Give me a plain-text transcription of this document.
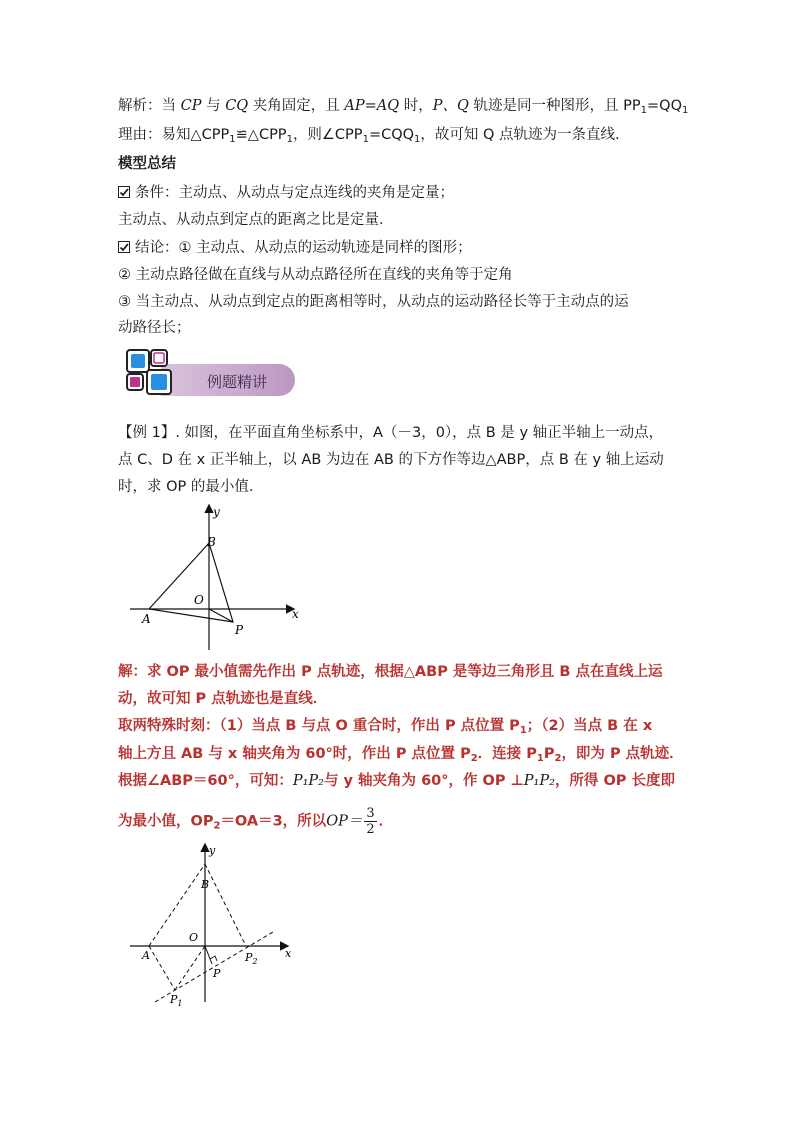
解析：当 CP 与 CQ 夹角固定，且 AP=AQ 时，P、Q 轨迹是同一种图形，且 $PP_1=QQ_1$
理由：易知$\triangle CPP_1≌\triangle CPP_1$，则$\angle CPP_1=CQQ_1$，故可知 Q 点轨迹为一条直线.
模型总结
条件：主动点、从动点与定点连线的夹角是定量；
主动点、从动点到定点的距离之比是定量．
结论：① 主动点、从动点的运动轨迹是同样的图形；
② 主动点路径做在直线与从动点路径所在直线的夹角等于定角
③ 当主动点、从动点到定点的距离相等时，从动点的运动路径长等于主动点的运
动路径长；
例题精讲
【例 1】. 如图，在平面直角坐标系中，A（－3，0），点 B 是 y 轴正半轴上一动点，
点 C、D 在 x 正半轴上，以 AB 为边在 AB 的下方作等边△ABP，点 B 在 y 轴上运动
时，求 OP 的最小值．
y
x
B
O
A
P
解：求 OP 最小值需先作出 P 点轨迹，根据△ABP 是等边三角形且 B 点在直线上运
动，故可知 P 点轨迹也是直线．
取两特殊时刻：（1）当点 B 与点 O 重合时，作出 P 点位置 $P_1$；（2）当点 B 在 x
轴上方且 AB 与 x 轴夹角为 60°时，作出 P 点位置 $P_2$．连接 $P_1P_2$，即为 P 点轨迹．
根据∠ABP＝60°，可知：P₁P₂与 y 轴夹角为 60°，作 OP ⊥P₁P₂，所得 OP 长度即
为最小值，$OP_2=OA=3$，所以$OP= \frac{3}{2}$ ．
y
x
B
O
A
P
$P_2$
$P_1$
